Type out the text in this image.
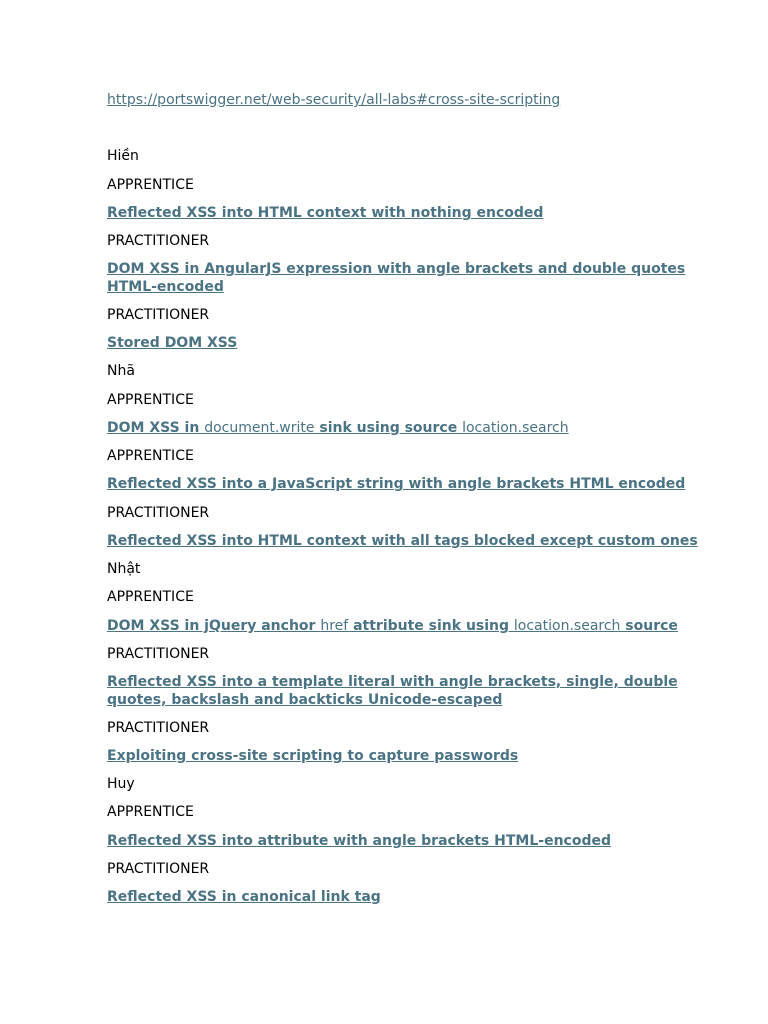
https://portswigger.net/web-security/all-labs#cross-site-scripting
Hiền
APPRENTICE
Reflected XSS into HTML context with nothing encoded
PRACTITIONER
DOM XSS in AngularJS expression with angle brackets and double quotes HTML-encoded
PRACTITIONER
Stored DOM XSS
Nhã
APPRENTICE
DOM XSS in document.write sink using source location.search
APPRENTICE
Reflected XSS into a JavaScript string with angle brackets HTML encoded
PRACTITIONER
Reflected XSS into HTML context with all tags blocked except custom ones
Nhật
APPRENTICE
DOM XSS in jQuery anchor href attribute sink using location.search source
PRACTITIONER
Reflected XSS into a template literal with angle brackets, single, double quotes, backslash and backticks Unicode-escaped
PRACTITIONER
Exploiting cross-site scripting to capture passwords
Huy
APPRENTICE
Reflected XSS into attribute with angle brackets HTML-encoded
PRACTITIONER
Reflected XSS in canonical link tag
